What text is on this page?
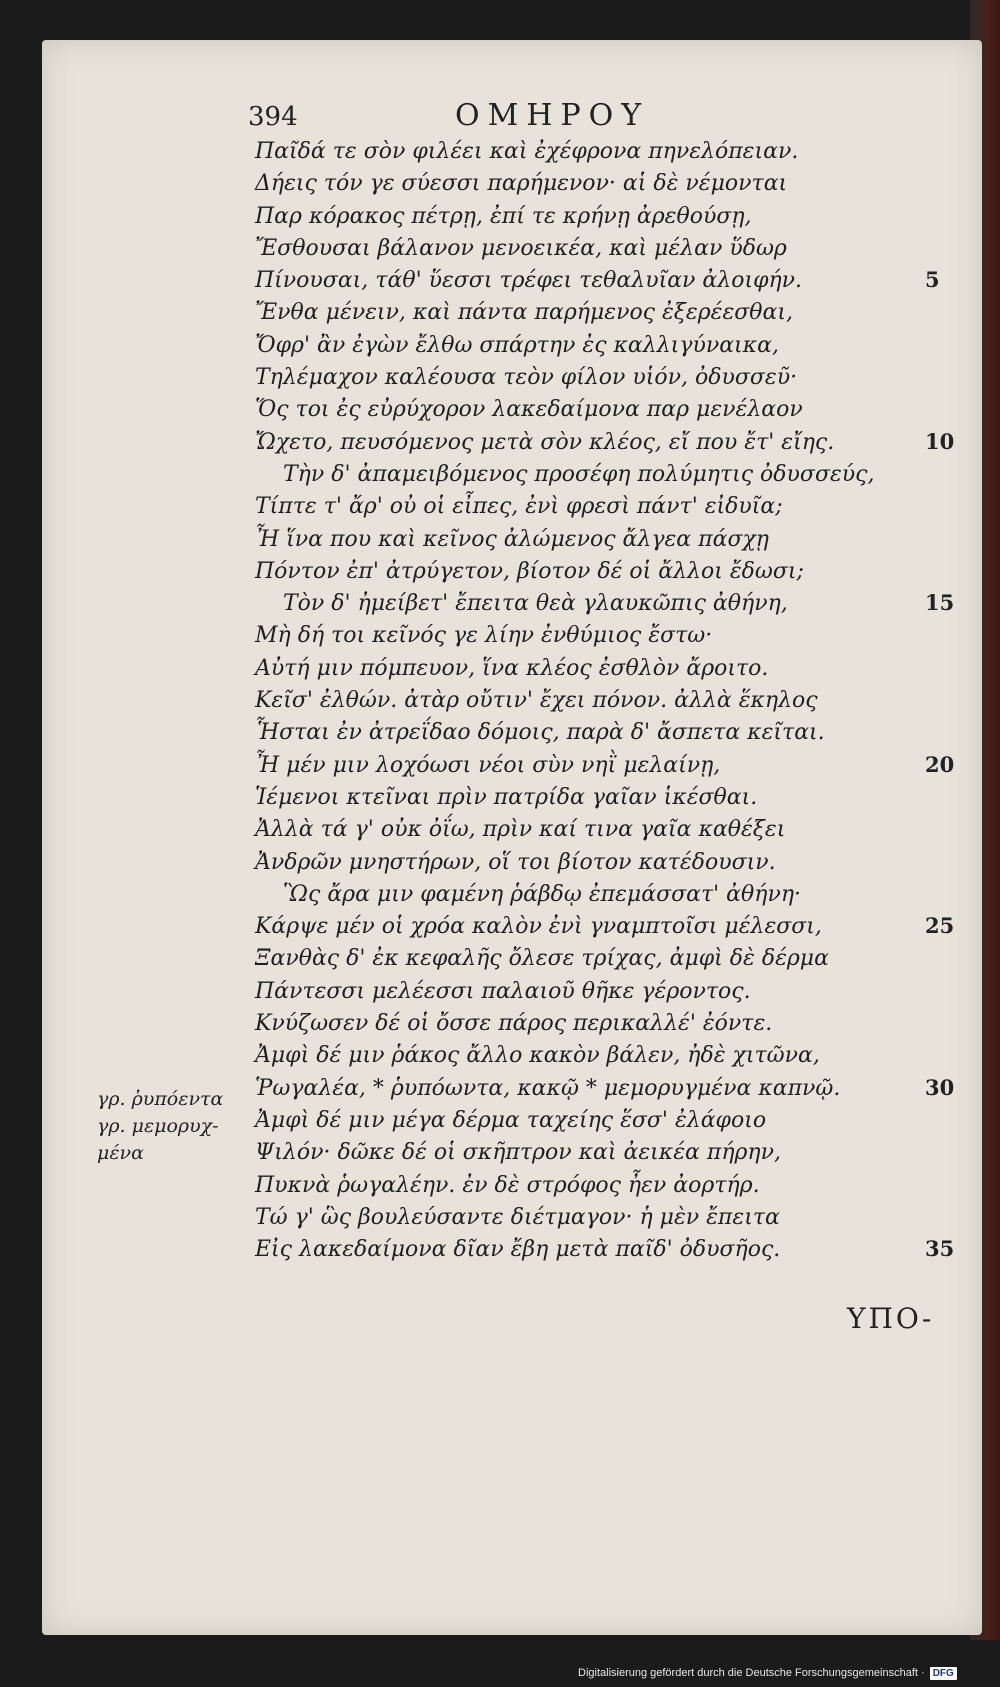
394	ΟΜΗΡΟΥ
Παῖδά τε σὸν φιλέει καὶ ἐχέφρονα πηνελόπειαν.
Δήεις τόν γε σύεσσι παρήμενον· αἱ δὲ νέμονται
Παρ κόρακος πέτρῃ, ἐπί τε κρήνῃ ἀρεθούσῃ,
Ἔσθουσαι βάλανον μενοεικέα, καὶ μέλαν ὕδωρ
Πίνουσαι, τάθ' ὕεσσι τρέφει τεθαλυῖαν ἀλοιφήν.
Ἔνθα μένειν, καὶ πάντα παρήμενος ἐξερέεσθαι,
Ὄφρ' ἂν ἐγὼν ἔλθω σπάρτην ἐς καλλιγύναικα,
Τηλέμαχον καλέουσα τεὸν φίλον υἱόν, ὀδυσσεῦ·
Ὅς τοι ἐς εὐρύχορον λακεδαίμονα παρ μενέλαον
Ὤχετο, πευσόμενος μετὰ σὸν κλέος, εἴ που ἔτ' εἴης.
Τὴν δ' ἀπαμειβόμενος προσέφη πολύμητις ὀδυσσεύς,
Τίπτε τ' ἄρ' οὐ οἱ εἶπες, ἐνὶ φρεσὶ πάντ' εἰδυῖα;
Ἦ ἵνα που καὶ κεῖνος ἀλώμενος ἄλγεα πάσχῃ
Πόντον ἐπ' ἀτρύγετον, βίοτον δέ οἱ ἄλλοι ἔδωσι;
Τὸν δ' ἠμείβετ' ἔπειτα θεὰ γλαυκῶπις ἀθήνη,
Μὴ δή τοι κεῖνός γε λίην ἐνθύμιος ἔστω·
Αὐτή μιν πόμπευον, ἵνα κλέος ἐσθλὸν ἄροιτο.
Κεῖσ' ἐλθών. ἀτὰρ οὔτιν' ἔχει πόνον. ἀλλὰ ἕκηλος
Ἧσται ἐν ἀτρεΐδαο δόμοις, παρὰ δ' ἄσπετα κεῖται.
Ἦ μέν μιν λοχόωσι νέοι σὺν νηῒ μελαίνῃ,
Ἱέμενοι κτεῖναι πρὶν πατρίδα γαῖαν ἱκέσθαι.
Ἀλλὰ τά γ' οὐκ ὀΐω, πρὶν καί τινα γαῖα καθέξει
Ἀνδρῶν μνηστήρων, οἵ τοι βίοτον κατέδουσιν.
Ὣς ἄρα μιν φαμένη ῥάβδῳ ἐπεμάσσατ' ἀθήνη·
Κάρψε μέν οἱ χρόα καλὸν ἐνὶ γναμπτοῖσι μέλεσσι,
Ξανθὰς δ' ἐκ κεφαλῆς ὄλεσε τρίχας, ἀμφὶ δὲ δέρμα
Πάντεσσι μελέεσσι παλαιοῦ θῆκε γέροντος.
Κνύζωσεν δέ οἱ ὄσσε πάρος περικαλλέ' ἐόντε.
Ἀμφὶ δέ μιν ῥάκος ἄλλο κακὸν βάλεν, ἠδὲ χιτῶνα,
Ῥωγαλέα, * ῥυπόωντα, κακῷ * μεμορυγμένα καπνῷ.
Ἀμφὶ δέ μιν μέγα δέρμα ταχείης ἕσσ' ἐλάφοιο
Ψιλόν· δῶκε δέ οἱ σκῆπτρον καὶ ἀεικέα πήρην,
Πυκνὰ ῥωγαλέην. ἐν δὲ στρόφος ἦεν ἀορτήρ.
Τώ γ' ὣς βουλεύσαντε διέτμαγον· ἡ μὲν ἔπειτα
Εἰς λακεδαίμονα δῖαν ἔβη μετὰ παῖδ' ὀδυσῆος.
γρ. ῥυπόεντα
γρ. μεμορυχ-
μένα
ΥΠΟ-
Digitalisierung gefördert durch die Deutsche Forschungsgemeinschaft · DFG
5
10
15
20
25
30
35
